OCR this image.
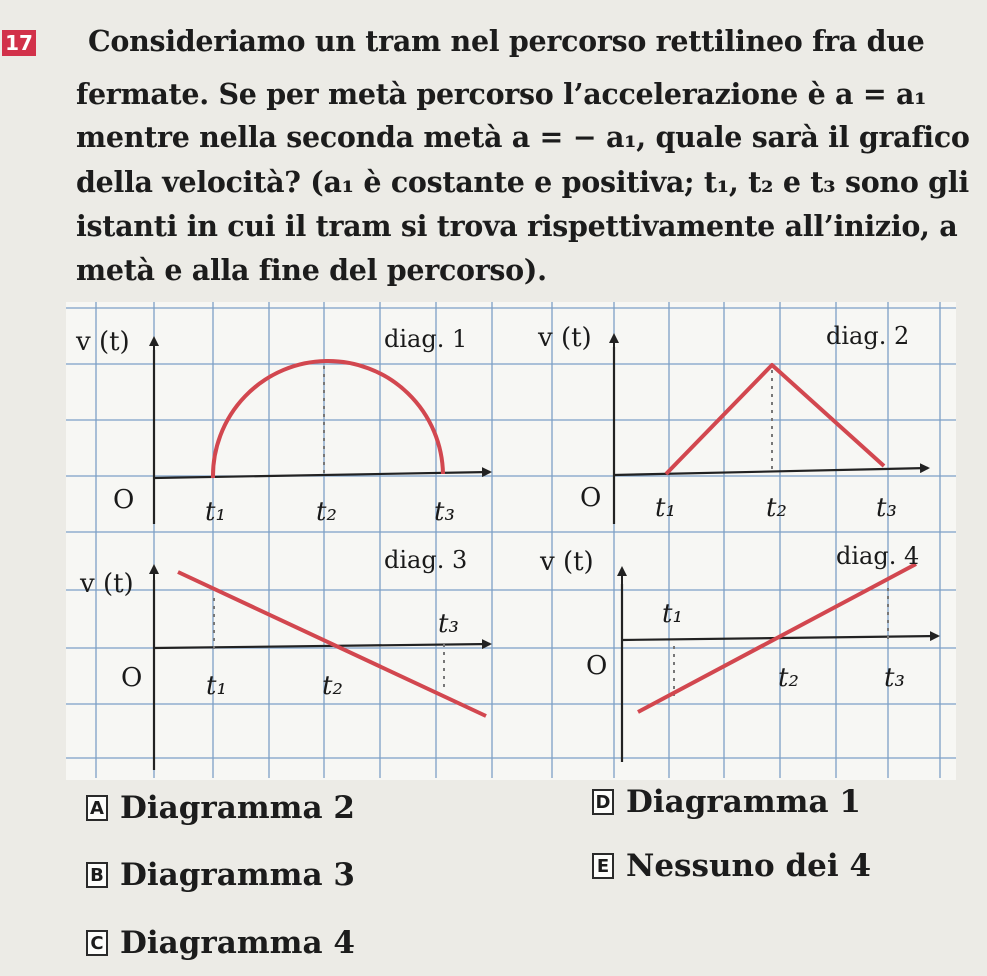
17 Consideriamo un tram nel percorso rettilineo fra due
fermate. Se per metà percorso l’accelerazione è a = a₁
mentre nella seconda metà a = − a₁, quale sarà il grafico
della velocità? (a₁ è costante e positiva; t₁, t₂ e t₃ sono gli
istanti in cui il tram si trova rispettivamente all’inizio, a
metà e alla fine del percorso).
v (t)	diag. 1
O	t₁	t₂	t₃
v (t)	diag. 2
O t₁	t₂	t₃
v (t)
diag. 3
O t₁	t₂
t₃
v (t)	diag. 4
O
t₁
t₂	t₃
A Diagramma 2
B Diagramma 3
C Diagramma 4
D Diagramma 1
E Nessuno dei 4
